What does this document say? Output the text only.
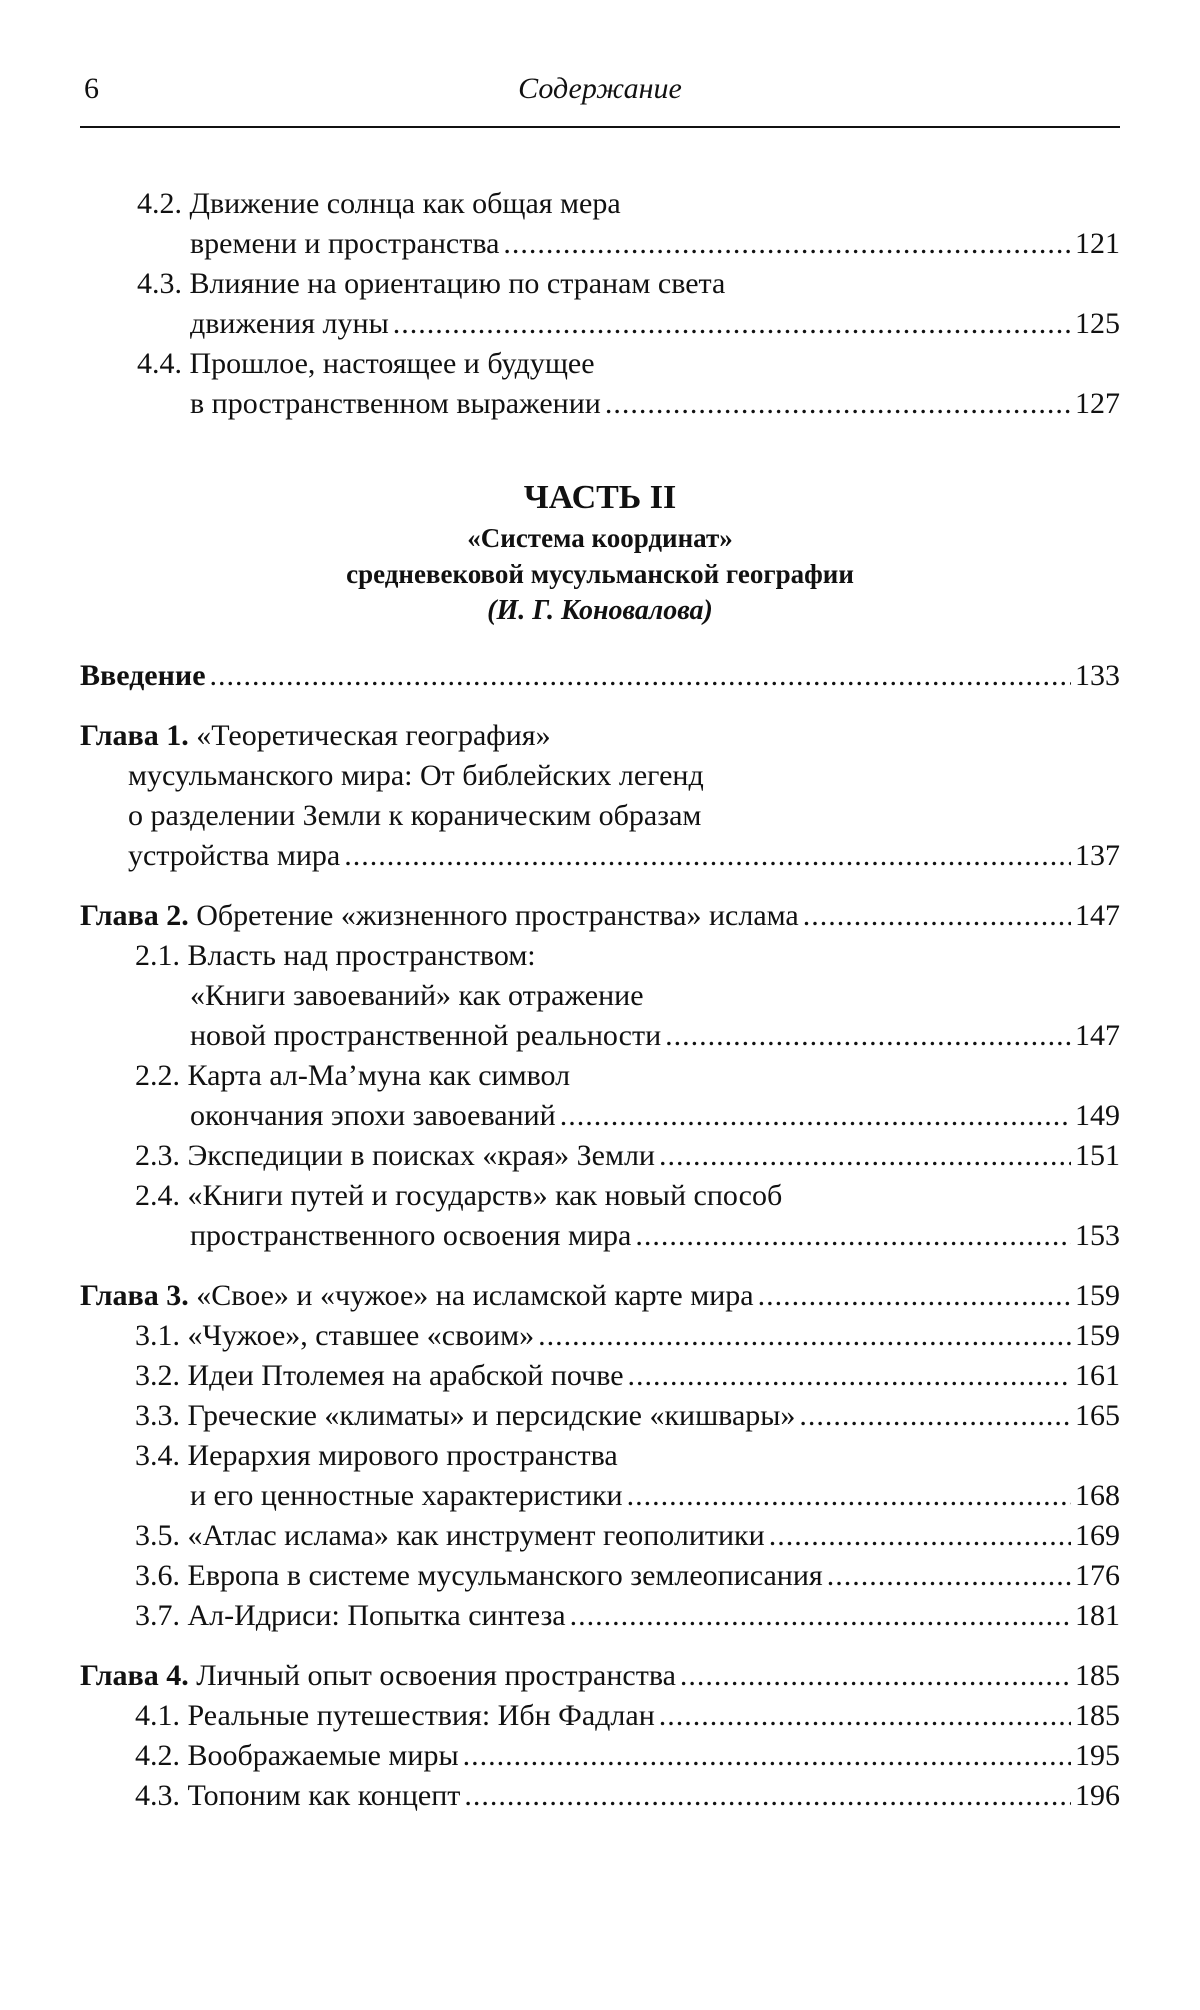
6	Содержание
4.2. Движение солнца как общая мера
времени и пространства .....	121
4.3. Влияние на ориентацию по странам света
движения луны .....	125
4.4. Прошлое, настоящее и будущее
в пространственном выражении .....	127
ЧАСТЬ II
«Система координат»
средневековой мусульманской географии
(И. Г. Коновалова)
Введение .....	133
Глава 1. «Теоретическая география»
мусульманского мира: От библейских легенд
о разделении Земли к кораническим образам
устройства мира .....	137
Глава 2. Обретение «жизненного пространства» ислама .....	147
2.1. Власть над пространством:
«Книги завоеваний» как отражение
новой пространственной реальности .....	147
2.2. Карта ал-Ма’муна как символ
окончания эпохи завоеваний .....	149
2.3. Экспедиции в поисках «края» Земли .....	151
2.4. «Книги путей и государств» как новый способ
пространственного освоения мира .....	153
Глава 3. «Свое» и «чужое» на исламской карте мира .....	159
3.1. «Чужое», ставшее «своим» .....	159
3.2. Идеи Птолемея на арабской почве .....	161
3.3. Греческие «климаты» и персидские «кишвары» .....	165
3.4. Иерархия мирового пространства
и его ценностные характеристики .....	168
3.5. «Атлас ислама» как инструмент геополитики .....	169
3.6. Европа в системе мусульманского землеописания .....	176
3.7. Ал-Идриси: Попытка синтеза .....	181
Глава 4. Личный опыт освоения пространства .....	185
4.1. Реальные путешествия: Ибн Фадлан .....	185
4.2. Воображаемые миры .....	195
4.3. Топоним как концепт .....	196
